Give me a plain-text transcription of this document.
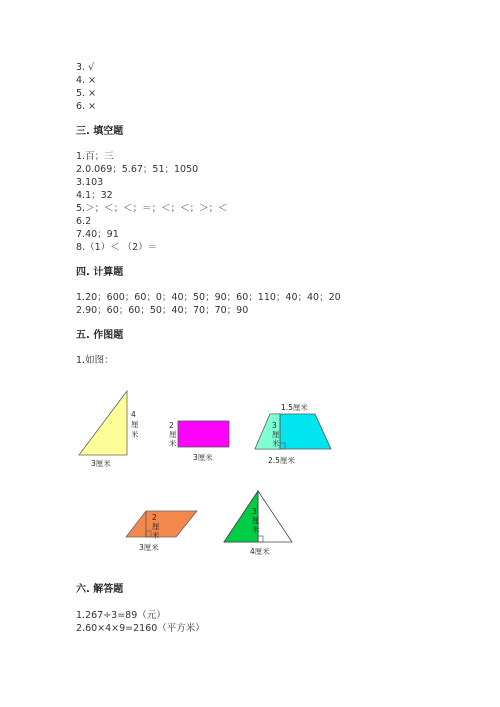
3. √
4. ×
5. ×
6. ×
三. 填空题
1.百；三
2.0.069；5.67；51；1050
3.103
4.1；32
5.＞；＜；＜；＝；＜；＜；＞；＜
6.2
7.40；91
8.（1）＜ （2）＝
四. 计算题
1.20；600；60；0；40；50；90；60；110；40；40；20
2.90；60；60；50；40；70；70；90
五. 作图题
1.如图：
4
厘
米
3厘米
2
厘
米
3厘米
1.5厘米
3
厘
米
2.5厘米
2
厘
米
3厘米
3
厘
米
4厘米
六. 解答题
1.267÷3=89（元）
2.60×4×9=2160（平方米）
